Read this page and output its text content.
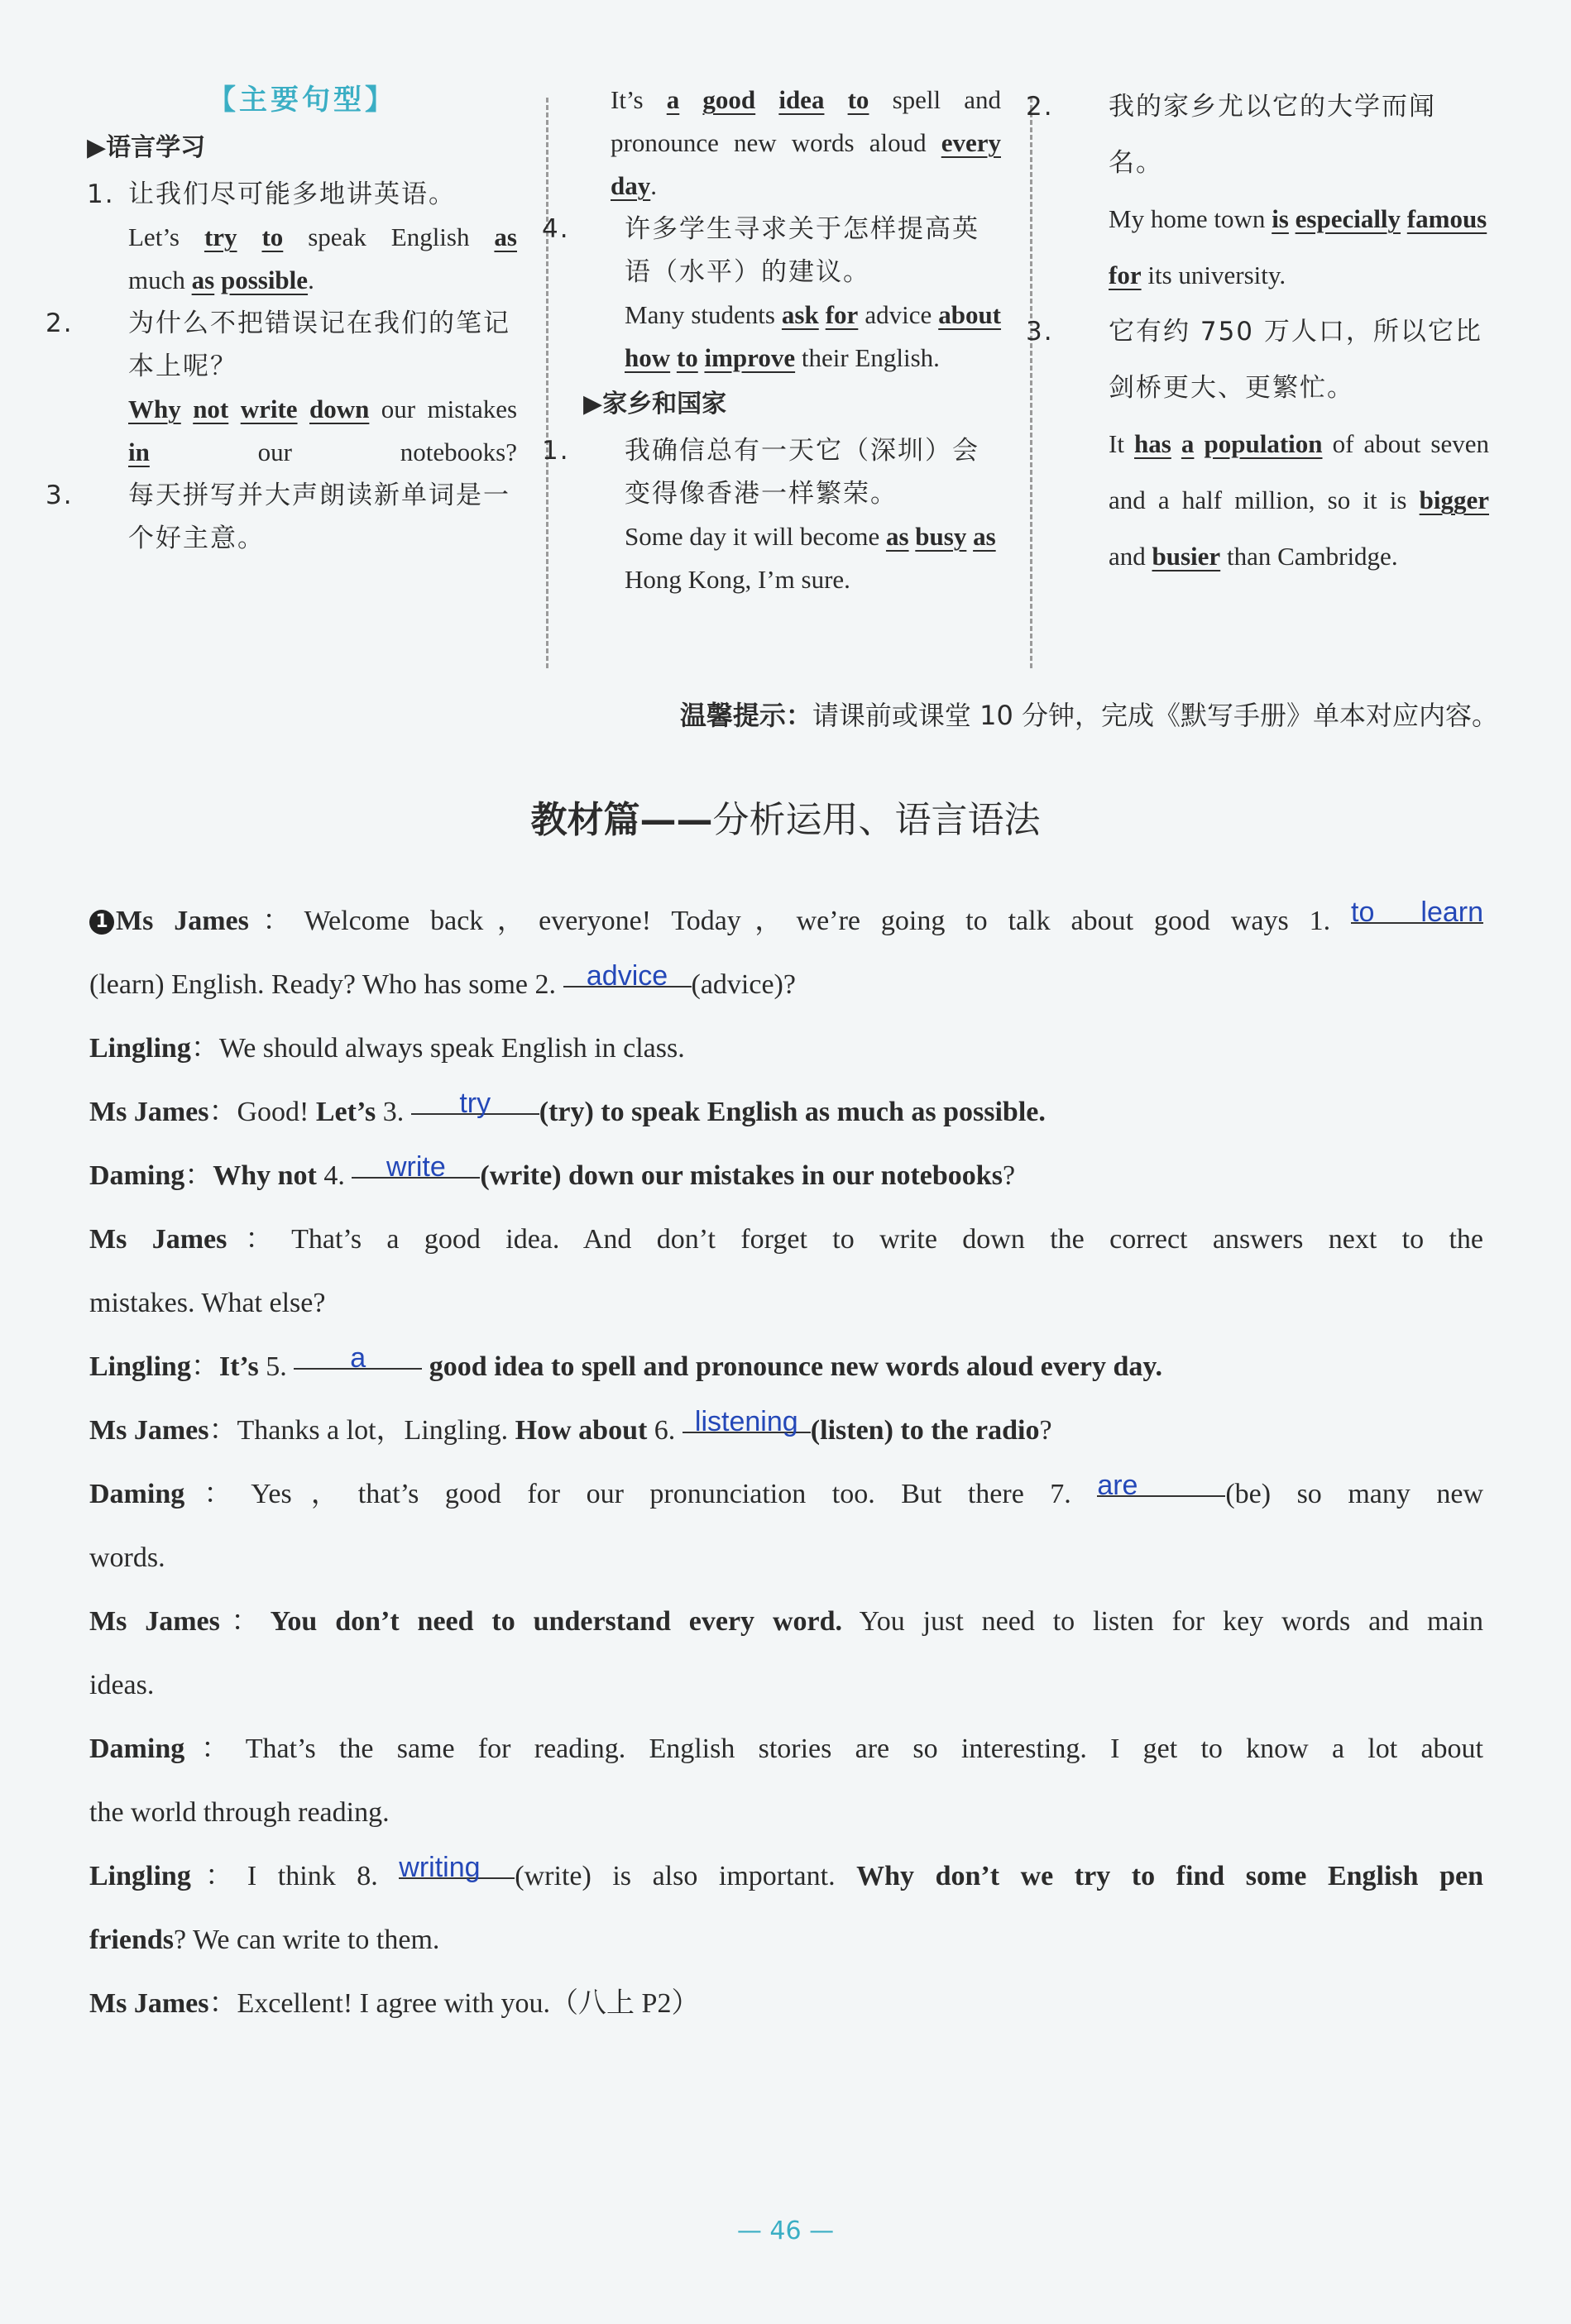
【主要句型】
▶语言学习

1. 让我们尽可能多地讲英语。

Let’s try to speak English as

much as possible.

2. 为什么不把错误记在我们的笔记本上呢？

Why not write down our mistakes in our notebooks?

3. 每天拼写并大声朗读新单词是一个好主意。

It’s a good idea to spell and pronounce new words aloud every day.

4. 许多学生寻求关于怎样提高英语（水平）的建议。

Many students ask for advice about how to improve their English.

▶家乡和国家

1. 我确信总有一天它（深圳）会变得像香港一样繁荣。

Some day it will become as busy as Hong Kong, I’m sure.

2. 我的家乡尤以它的大学而闻名。

My home town is especially famous for its university.

3. 它有约 750 万人口，所以它比剑桥更大、更繁忙。

It has a population of about seven and a half million, so it is bigger and busier than Cambridge.

温馨提示：请课前或课堂 10 分钟，完成《默写手册》单本对应内容。
教材篇——分析运用、语言语法

1 Ms James：Welcome back，everyone! Today，we’re going to talk about good ways 1. to learn

(learn) English. Ready? Who has some 2. advice (advice)?

Lingling：We should always speak English in class.

Ms James：Good! Let’s 3. try (try) to speak English as much as possible.

Daming：Why not 4. write (write) down our mistakes in our notebooks?

Ms James：That’s a good idea. And don’t forget to write down the correct answers next to the

mistakes. What else?

Lingling：It’s 5. a good idea to spell and pronounce new words aloud every day.

Ms James：Thanks a lot，Lingling. How about 6. listening (listen) to the radio?

Daming：Yes，that’s good for our pronunciation too. But there 7. are	(be) so many new

words.

Ms James：You don’t need to understand every word. You just need to listen for key words and main

ideas.

Daming：That’s the same for reading. English stories are so interesting. I get to know a lot about

the world through reading.

Lingling：I think 8. writing (write) is also important. Why don’t we try to find some English pen

friends? We can write to them.

Ms James：Excellent! I agree with you.（八上 P2）

— 46 —
